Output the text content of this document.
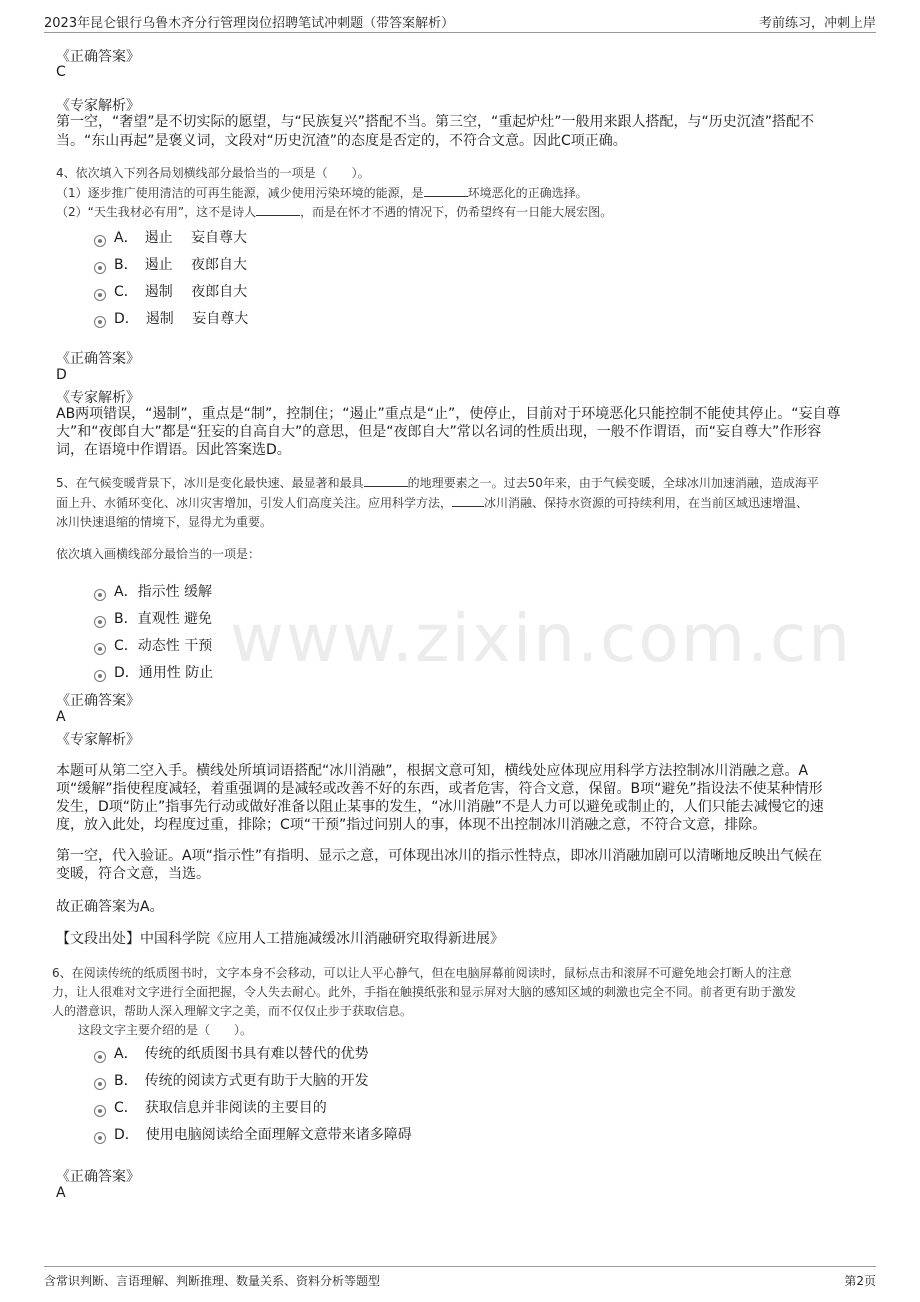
2023年昆仑银行乌鲁木齐分行管理岗位招聘笔试冲刺题（带答案解析）	考前练习，冲刺上岸
www.zixin.com.cn
《正确答案》
C
《专家解析》
第一空，“奢望”是不切实际的愿望，与“民族复兴”搭配不当。第三空，“重起炉灶”一般用来跟人搭配，与“历史沉渣”搭配不
当。“东山再起”是褒义词，文段对“历史沉渣”的态度是否定的，不符合文意。因此C项正确。
4、依次填入下列各局划横线部分最恰当的一项是（　　）。
（1）逐步推广使用清洁的可再生能源，减少使用污染环境的能源，是	环境恶化的正确选择。
（2）“天生我材必有用”，这不是诗人	，而是在怀才不遇的情况下，仍希望终有一日能大展宏图。
A．　遏止　 妄自尊大
B．　遏止　 夜郎自大
C．　遏制　 夜郎自大
D．　遏制　 妄自尊大
《正确答案》
D
《专家解析》
AB两项错误，“遏制”，重点是“制”，控制住；“遏止”重点是“止”，使停止，目前对于环境恶化只能控制不能使其停止。“妄自尊
大”和“夜郎自大”都是“狂妄的自高自大”的意思，但是“夜郎自大”常以名词的性质出现，一般不作谓语，而“妄自尊大”作形容
词，在语境中作谓语。因此答案选D。
5、在气候变暖背景下，冰川是变化最快速、最显著和最具	的地理要素之一。过去50年来，由于气候变暖，全球冰川加速消融，造成海平
面上升、水循环变化、冰川灾害增加，引发人们高度关注。应用科学方法，	冰川消融、保持水资源的可持续利用，在当前区域迅速增温、
冰川快速退缩的情境下，显得尤为重要。
依次填入画横线部分最恰当的一项是：
A．指示性 缓解
B．直观性 避免
C．动态性 干预
D．通用性 防止
《正确答案》
A
《专家解析》
本题可从第二空入手。横线处所填词语搭配“冰川消融”，根据文意可知，横线处应体现应用科学方法控制冰川消融之意。A
项“缓解”指使程度减轻，着重强调的是减轻或改善不好的东西，或者危害，符合文意，保留。B项“避免”指设法不使某种情形
发生，D项“防止”指事先行动或做好准备以阻止某事的发生，“冰川消融”不是人力可以避免或制止的，人们只能去减慢它的速
度，放入此处，均程度过重，排除；C项“干预”指过问别人的事，体现不出控制冰川消融之意，不符合文意，排除。
第一空，代入验证。A项“指示性”有指明、显示之意，可体现出冰川的指示性特点，即冰川消融加剧可以清晰地反映出气候在
变暖，符合文意，当选。
故正确答案为A。
【文段出处】中国科学院《应用人工措施减缓冰川消融研究取得新进展》
6、在阅读传统的纸质图书时，文字本身不会移动，可以让人平心静气，但在电脑屏幕前阅读时，鼠标点击和滚屏不可避免地会打断人的注意
力，让人很难对文字进行全面把握，令人失去耐心。此外，手指在触摸纸张和显示屏对大脑的感知区域的刺激也完全不同。前者更有助于激发
人的潜意识，帮助人深入理解文字之美，而不仅仅止步于获取信息。
这段文字主要介绍的是（　　）。
A．　传统的纸质图书具有难以替代的优势
B．　传统的阅读方式更有助于大脑的开发
C．　获取信息并非阅读的主要目的
D．　使用电脑阅读给全面理解文意带来诸多障碍
《正确答案》
A
含常识判断、言语理解、判断推理、数量关系、资料分析等题型	第2页
